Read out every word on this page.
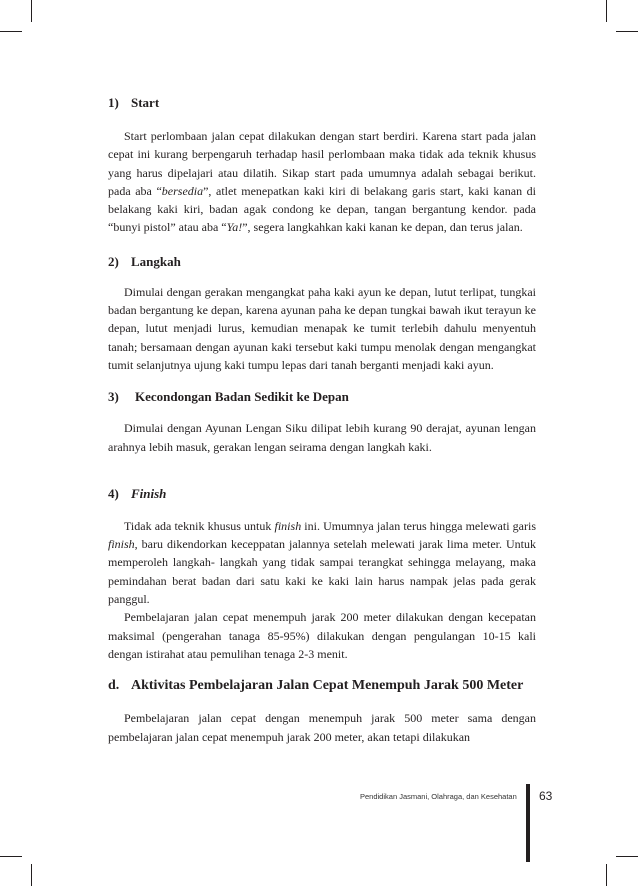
1) Start

Start perlombaan jalan cepat dilakukan dengan start berdiri. Karena start pada jalan cepat ini kurang berpengaruh terhadap hasil perlombaan maka tidak ada teknik khusus yang harus dipelajari atau dilatih. Sikap start pada umumnya adalah sebagai berikut. pada aba “bersedia”, atlet menepatkan kaki kiri di belakang garis start, kaki kanan di belakang kaki kiri, badan agak condong ke depan, tangan bergantung kendor. pada “bunyi pistol” atau aba “Ya!”, segera langkahkan kaki kanan ke depan, dan terus jalan.

2) Langkah

Dimulai dengan gerakan mengangkat paha kaki ayun ke depan, lutut terlipat, tungkai badan bergantung ke depan, karena ayunan paha ke depan tungkai bawah ikut terayun ke depan, lutut menjadi lurus, kemudian menapak ke tumit terlebih dahulu menyentuh tanah; bersamaan dengan ayunan kaki tersebut kaki tumpu menolak dengan mengangkat tumit selanjutnya ujung kaki tumpu lepas dari tanah berganti menjadi kaki ayun.

3) Kecondongan Badan Sedikit ke Depan

Dimulai dengan Ayunan Lengan Siku dilipat lebih kurang 90 derajat, ayunan lengan arahnya lebih masuk, gerakan lengan seirama dengan langkah kaki.

4) Finish

Tidak ada teknik khusus untuk finish ini. Umumnya jalan terus hingga melewati garis finish, baru dikendorkan keceppatan jalannya setelah melewati jarak lima meter. Untuk memperoleh langkah- langkah yang tidak sampai terangkat sehingga melayang, maka pemindahan berat badan dari satu kaki ke kaki lain harus nampak jelas pada gerak panggul.

Pembelajaran jalan cepat menempuh jarak 200 meter dilakukan dengan kecepatan maksimal (pengerahan tanaga 85-95%) dilakukan dengan pengulangan 10-15 kali dengan istirahat atau pemulihan tenaga 2-3 menit.

d. Aktivitas Pembelajaran Jalan Cepat Menempuh Jarak 500 Meter

Pembelajaran jalan cepat dengan menempuh jarak 500 meter sama dengan pembelajaran jalan cepat menempuh jarak 200 meter, akan tetapi dilakukan

Pendidikan Jasmani, Olahraga, dan Kesehatan 63
